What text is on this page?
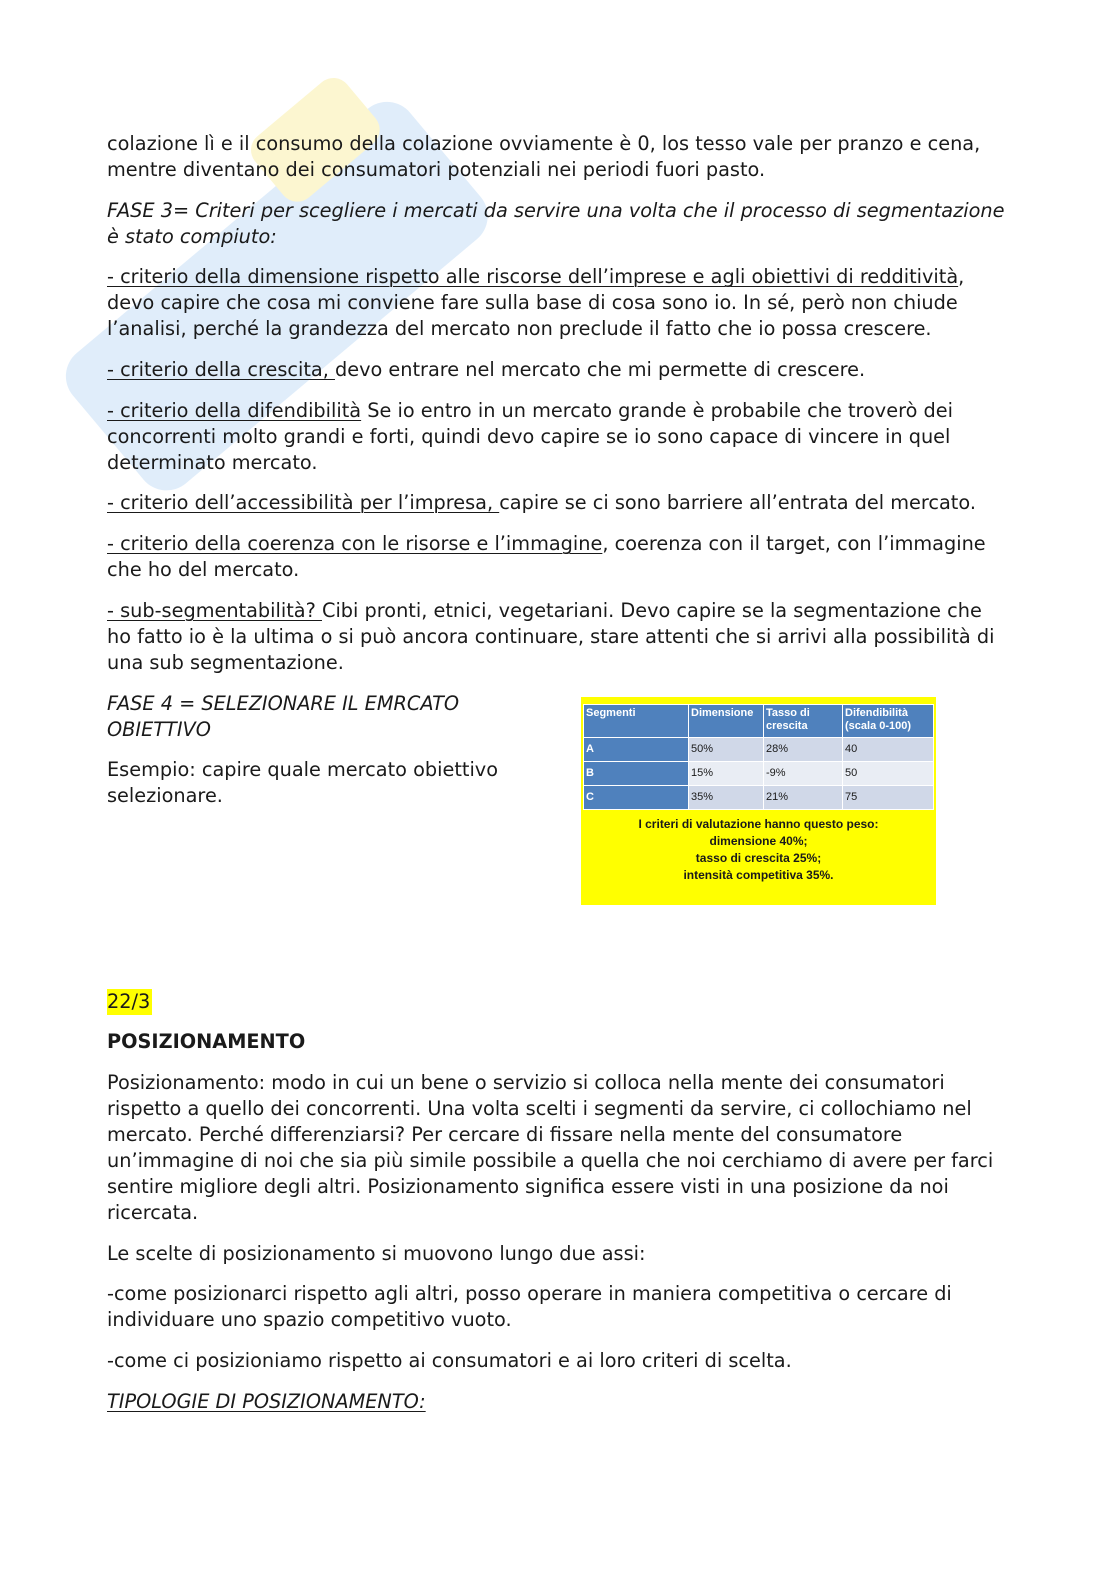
colazione lì e il consumo della colazione ovviamente è 0, los tesso vale per pranzo e cena, mentre diventano dei consumatori potenziali nei periodi fuori pasto.

FASE 3= Criteri per scegliere i mercati da servire una volta che il processo di segmentazione è stato compiuto:

- criterio della dimensione rispetto alle riscorse dell’imprese e agli obiettivi di redditività, devo capire che cosa mi conviene fare sulla base di cosa sono io. In sé, però non chiude l’analisi, perché la grandezza del mercato non preclude il fatto che io possa crescere.

- criterio della crescita, devo entrare nel mercato che mi permette di crescere.

- criterio della difendibilità Se io entro in un mercato grande è probabile che troverò dei concorrenti molto grandi e forti, quindi devo capire se io sono capace di vincere in quel determinato mercato.

- criterio dell’accessibilità per l’impresa, capire se ci sono barriere all’entrata del mercato.

- criterio della coerenza con le risorse e l’immagine, coerenza con il target, con l’immagine che ho del mercato.

- sub-segmentabilità? Cibi pronti, etnici, vegetariani. Devo capire se la segmentazione che ho fatto io è la ultima o si può ancora continuare, stare attenti che si arrivi alla possibilità di una sub segmentazione.

FASE 4 = SELEZIONARE IL EMRCATO OBIETTIVO

Esempio: capire quale mercato obiettivo selezionare.

Segmenti	Dimensione	Tasso di crescita	Difendibilità (scala 0-100)
A	50%	28%	40
B	15%	-9%	50
C	35%	21%	75
I criteri di valutazione hanno questo peso:
dimensione 40%;
tasso di crescita 25%;
intensità competitiva 35%.

22/3

POSIZIONAMENTO

Posizionamento: modo in cui un bene o servizio si colloca nella mente dei consumatori rispetto a quello dei concorrenti. Una volta scelti i segmenti da servire, ci collochiamo nel mercato. Perché differenziarsi? Per cercare di fissare nella mente del consumatore un’immagine di noi che sia più simile possibile a quella che noi cerchiamo di avere per farci sentire migliore degli altri. Posizionamento significa essere visti in una posizione da noi ricercata.

Le scelte di posizionamento si muovono lungo due assi:

-come posizionarci rispetto agli altri, posso operare in maniera competitiva o cercare di individuare uno spazio competitivo vuoto.

-come ci posizioniamo rispetto ai consumatori e ai loro criteri di scelta.

TIPOLOGIE DI POSIZIONAMENTO:
